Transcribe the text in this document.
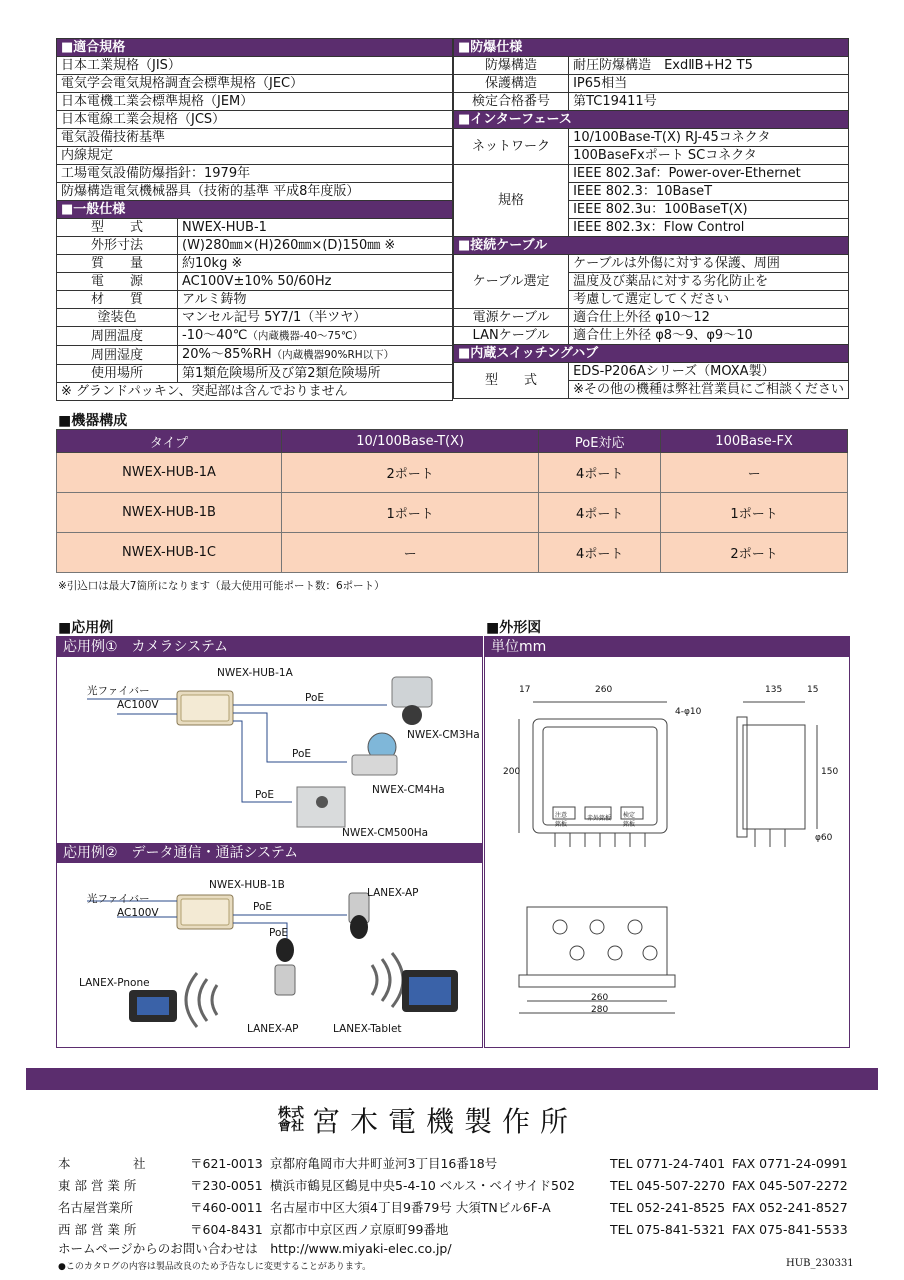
■適合規格	
日本工業規格（JIS）	
電気学会電気規格調査会標準規格（JEC）	
日本電機工業会標準規格（JEM）	
日本電線工業会規格（JCS）	
電気設備技術基準	
内線規定	
工場電気設備防爆指針：1979年	
防爆構造電気機械器具（技術的基準 平成8年度版）	
■一般仕様	
型　　式	NWEX-HUB-1
外形寸法	(W)280㎜×(H)260㎜×(D)150㎜ ※
質　　量	約10kg ※
電　　源	AC100V±10% 50/60Hz
材　　質	アルミ鋳物
塗装色	マンセル記号 5Y7/1（半ツヤ）
周囲温度	-10～40℃（内蔵機器-40～75℃）
周囲湿度	20%～85%RH（内蔵機器90%RH以下）
使用場所	第1類危険場所及び第2類危険場所
※ グランドパッキン、突起部は含んでおりません	
■防爆仕様	
防爆構造	耐圧防爆構造　ExdⅡB+H2 T5
保護構造	IP65相当
検定合格番号	第TC19411号
■インターフェース	
ネットワーク	10/100Base-T(X) RJ-45コネクタ
	100BaseFxポート SCコネクタ
規格	IEEE 802.3af：Power-over-Ethernet
	IEEE 802.3：10BaseT
	IEEE 802.3u：100BaseT(X)
	IEEE 802.3x：Flow Control
■接続ケーブル	
ケーブル選定	ケーブルは外傷に対する保護、周囲
	温度及び薬品に対する劣化防止を
	考慮して選定してください
電源ケーブル	適合仕上外径 φ10～12
LANケーブル	適合仕上外径 φ8～9、φ9～10
■内蔵スイッチングハブ	
型　　式	EDS-P206Aシリーズ（MOXA製）
	※その他の機種は弊社営業員にご相談ください
■機器構成
タイプ	10/100Base-T(X)	PoE対応	100Base-FX
NWEX-HUB-1A	2ポート	4ポート	ー
NWEX-HUB-1B	1ポート	4ポート	1ポート
NWEX-HUB-1C	ー	4ポート	2ポート
※引込口は最大7箇所になります（最大使用可能ポート数：6ポート）
■応用例
応用例①　カメラシステム
NWEX-HUB-1A
光ファイバー
AC100V
PoE
PoE
PoE
NWEX-CM3Ha
NWEX-CM4Ha
NWEX-CM500Ha
応用例②　データ通信・通話システム
NWEX-HUB-1B
光ファイバー
AC100V	PoE
PoE
LANEX-AP
LANEX-AP
LANEX-Pnone
LANEX-Tablet
■外形図
単位mm
17	260	135	15
4-φ10
200	150
φ60
260
280
注意
銘板
赤外銘板 検定
銘板
株式
會社 宮木電機製作所
本　　　　　社	〒621-0013	京都府亀岡市大井町並河3丁目16番18号	TEL 0771-24-7401	FAX 0771-24-0991
東 部 営 業 所	〒230-0051	横浜市鶴見区鶴見中央5-4-10 ベルス・ベイサイド502	TEL 045-507-2270	FAX 045-507-2272
名古屋営業所	〒460-0011	名古屋市中区大須4丁目9番79号 大須TNビル6F-A	TEL 052-241-8525	FAX 052-241-8527
西 部 営 業 所	〒604-8431	京都市中京区西ノ京原町99番地	TEL 075-841-5321	FAX 075-841-5533
ホームページからのお問い合わせは　http://www.miyaki-elec.co.jp/
●このカタログの内容は製品改良のため予告なしに変更することがあります。	HUB_230331
